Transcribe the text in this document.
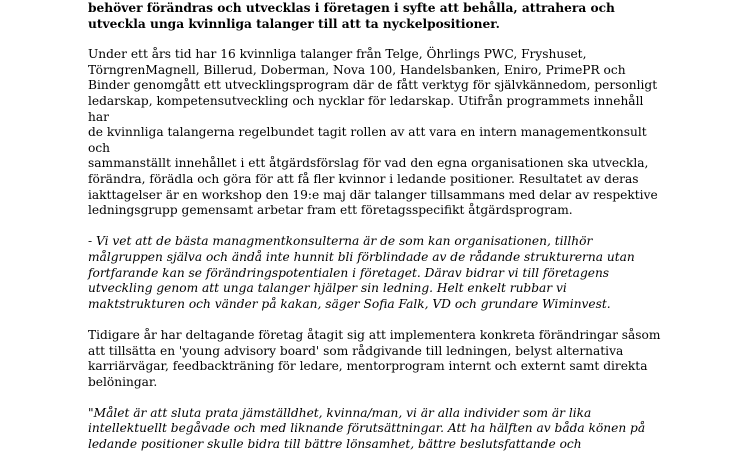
behöver förändras och utvecklas i företagen i syfte att behålla, attrahera och
utveckla unga kvinnliga talanger till att ta nyckelpositioner.

Under ett års tid har 16 kvinnliga talanger från Telge, Öhrlings PWC, Fryshuset,
TörngrenMagnell, Billerud, Doberman, Nova 100, Handelsbanken, Eniro, PrimePR och
Binder genomgått ett utvecklingsprogram där de fått verktyg för självkännedom, personligt
ledarskap, kompetensutveckling och nycklar för ledarskap. Utifrån programmets innehåll har
de kvinnliga talangerna regelbundet tagit rollen av att vara en intern managementkonsult och
sammanställt innehållet i ett åtgärdsförslag för vad den egna organisationen ska utveckla,
förändra, förädla och göra för att få fler kvinnor i ledande positioner. Resultatet av deras
iakttagelser är en workshop den 19:e maj där talanger tillsammans med delar av respektive
ledningsgrupp gemensamt arbetar fram ett företagsspecifikt åtgärdsprogram.

- Vi vet att de bästa managmentkonsulterna är de som kan organisationen, tillhör
målgruppen själva och ändå inte hunnit bli förblindade av de rådande strukturerna utan
fortfarande kan se förändringspotentialen i företaget. Därav bidrar vi till företagens
utveckling genom att unga talanger hjälper sin ledning. Helt enkelt rubbar vi
maktstrukturen och vänder på kakan, säger Sofia Falk, VD och grundare Wiminvest.

Tidigare år har deltagande företag åtagit sig att implementera konkreta förändringar såsom
att tillsätta en 'young advisory board' som rådgivande till ledningen, belyst alternativa
karriärvägar, feedbackträning för ledare, mentorprogram internt och externt samt direkta
belöningar.

"Målet är att sluta prata jämställdhet, kvinna/man, vi är alla individer som är lika
intellektuellt begåvade och med liknande förutsättningar. Att ha hälften av båda könen på
ledande positioner skulle bidra till bättre lönsamhet, bättre beslutsfattande och
